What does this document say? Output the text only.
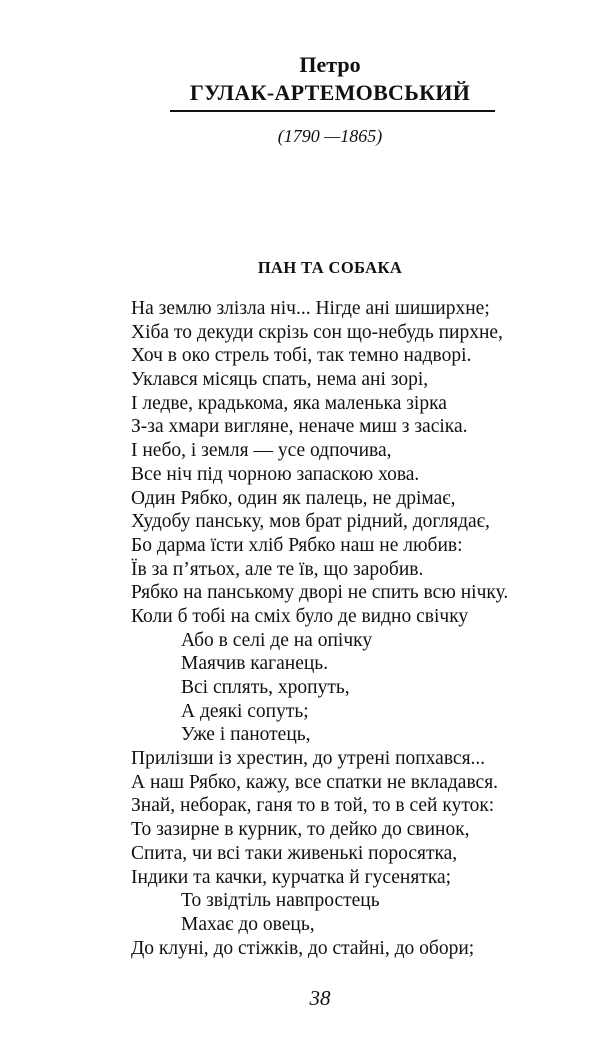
Петро
ГУЛАК-АРТЕМОВСЬКИЙ
(1790 —1865)
ПАН ТА СОБАКА
На землю злізла ніч... Нігде ані шиширхне;
Хіба то декуди скрізь сон що-небудь пирхне,
Хоч в око стрель тобі, так темно надворі.
Уклався місяць спать, нема ані зорі,
І ледве, крадькома, яка маленька зірка
З-за хмари вигляне, неначе миш з засіка.
І небо, і земля — усе одпочива,
Все ніч під чорною запаскою хова.
Один Рябко, один як палець, не дрімає,
Худобу панську, мов брат рідний, доглядає,
Бо дарма їсти хліб Рябко наш не любив:
Їв за п’ятьох, але те їв, що заробив.
Рябко на панському дворі не спить всю нічку.
Коли б тобі на сміх було де видно свічку
Або в селі де на опічку
Маячив каганець.
Всі сплять, хропуть,
А деякі сопуть;
Уже і панотець,
Прилізши із хрестин, до утрені попхався...
А наш Рябко, кажу, все спатки не вкладався.
Знай, неборак, ганя то в той, то в сей куток:
То зазирне в курник, то дейко до свинок,
Спита, чи всі таки живенькі поросятка,
Індики та качки, курчатка й гусенятка;
То звідтіль навпростець
Махає до овець,
До клуні, до стіжків, до стайні, до обори;
38
